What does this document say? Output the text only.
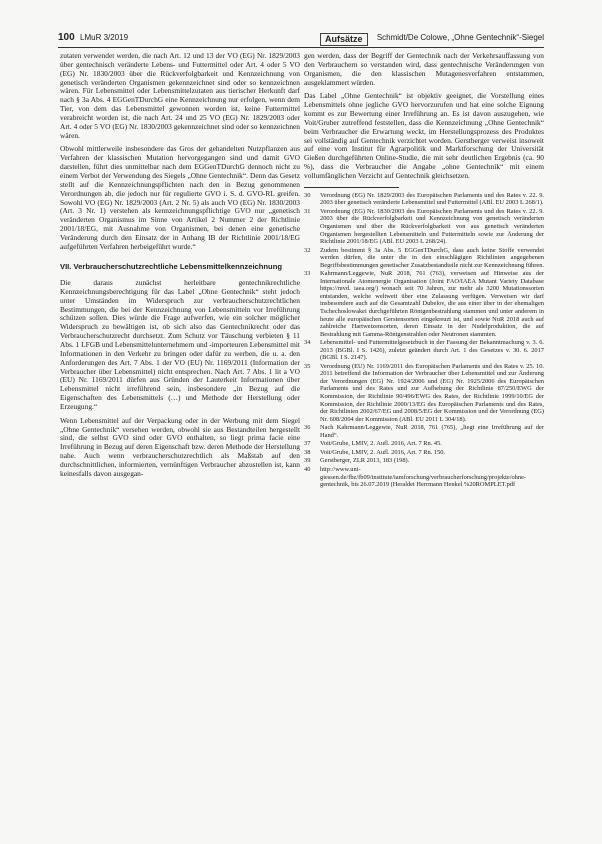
100 LMuR 3/2019	Aufsätze	Schmidt/De Colowe, „Ohne Gentechnik“-Siegel

zutaten verwendet werden, die nach Art. 12 und 13 der VO (EG) Nr. 1829/2003 über gentechnisch veränderte Lebens- und Futtermittel oder Art. 4 oder 5 VO (EG) Nr. 1830/2003 über die Rückverfolgbarkeit und Kennzeichnung von genetisch veränderten Organismen gekennzeichnet sind oder so kennzeichnen wären. Für Lebensmittel oder Lebensmittelzutaten aus tierischer Herkunft darf nach § 3a Abs. 4 EGGenTDurchG eine Kennzeichnung nur erfolgen, wenn dem Tier, von dem das Lebensmittel gewonnen worden ist, keine Futtermittel verabreicht worden ist, die nach Art. 24 und 25 VO (EG) Nr. 1829/2003 oder Art. 4 oder 5 VO (EG) Nr. 1830/2003 gekennzeichnet sind oder so kennzeichnen wären.

Obwohl mittlerweile insbesondere das Gros der gehandelten Nutzpflanzen aus Verfahren der klassischen Mutation hervorgegangen sind und damit GVO darstellen, führt dies unmittelbar nach dem EGGenTDurchG dennoch nicht zu einem Verbot der Verwendung des Siegels „Ohne Gentechnik“. Denn das Gesetz stellt auf die Kennzeichnungspflichten nach den in Bezug genommenen Verordnungen ab, die jedoch nur für regulierte GVO i. S. d. GVO-RL greifen. Sowohl VO (EG) Nr. 1829/2003 (Art. 2 Nr. 5) als auch VO (EG) Nr. 1830/2003 (Art. 3 Nr. 1) verstehen als kennzeichnungspflichtige GVO nur „genetisch veränderten Organismus im Sinne von Artikel 2 Nummer 2 der Richtlinie 2001/18/EG, mit Ausnahme von Organismen, bei denen eine genetische Veränderung durch den Einsatz der in Anhang IB der Richtlinie 2001/18/EG aufgeführten Verfahren herbeigeführt wurde.“

VII. Verbraucherschutzrechtliche Lebensmittelkennzeichnung

Die daraus zunächst herleitbare gentechnikrechtliche Kennzeichnungsberechtigung für das Label „Ohne Gentechnik“ steht jedoch unter Umständen im Widerspruch zur verbraucherschutzrechtlichen Bestimmungen, die bei der Kennzeichnung von Lebensmitteln vor Irreführung schützen sollen. Dies würde die Frage aufwerfen, wie ein solcher möglicher Widerspruch zu bewältigen ist, ob sich also das Gentechnikrecht oder das Verbraucherschutzrecht durchsetzt. Zum Schutz vor Täuschung verbieten § 11 Abs. 1 LFGB und Lebensmittelunternehmern und -importeuren Lebensmittel mit Informationen in den Verkehr zu bringen oder dafür zu werben, die u. a. den Anforderungen des Art. 7 Abs. 1 der VO (EU) Nr. 1169/2011 (Information der Verbraucher über Lebensmittel) nicht entsprechen. Nach Art. 7 Abs. 1 lit a VO (EU) Nr. 1169/2011 dürfen aus Gründen der Lauterkeit Informationen über Lebensmittel nicht irreführend sein, insbesondere „in Bezug auf die Eigenschaften des Lebensmittels (…) und Methode der Herstellung oder Erzeugung.“

Wenn Lebensmittel auf der Verpackung oder in der Werbung mit dem Siegel „Ohne Gentechnik“ versehen werden, obwohl sie aus Bestandteilen hergestellt sind, die selbst GVO sind oder GVO enthalten, so liegt prima facie eine Irreführung in Bezug auf deren Eigenschaft bzw. deren Methode der Herstellung nahe. Auch wenn verbraucherschutzrechtlich als Maßstab auf den durchschnittlichen, informierten, vernünftigen Verbraucher abzustellen ist, kann keinesfalls davon ausgegan-

gen werden, dass der Begriff der Gentechnik nach der Verkehrsauffassung von den Verbrauchern so verstanden wird, dass gentechnische Veränderungen von Organismen, die den klassischen Mutagenesverfahren entstammen, ausgeklammert würden.

Das Label „Ohne Gentechnik“ ist objektiv geeignet, die Vorstellung eines Lebensmittels ohne jegliche GVO hervorzurufen und hat eine solche Eignung kommt es zur Bewertung einer Irreführung an. Es ist davon auszugehen, wie Voit/Gruber zutreffend feststellen, dass die Kennzeichnung „Ohne Gentechnik“ beim Verbraucher die Erwartung weckt, im Herstellungsprozess des Produktes sei vollständig auf Gentechnik verzichtet worden. Gerstberger verweist insoweit auf eine vom Institut für Agrarpolitik und Marktforschung der Universität Gießen durchgeführten Online-Studie, die mit sehr deutlichen Ergebnis (ca. 90 %), dass die Verbraucher die Angabe „ohne Gentechnik“ mit einem vollumfänglichen Verzicht auf Gentechnik gleichsetzen.

30	Verordnung (EG) Nr. 1829/2003 des Europäischen Parlaments und des Rates v. 22. 9. 2003 über genetisch veränderte Lebensmittel und Futtermittel (ABl. EU 2003 L 268/1).
31	Verordnung (EG) Nr. 1830/2003 des Europäischen Parlaments und des Rates v. 22. 9. 2003 über die Rückverfolgbarkeit und Kennzeichnung von genetisch veränderten Organismen und über die Rückverfolgbarkeit von aus genetisch veränderten Organismen hergestellten Lebensmitteln und Futtermitteln sowie zur Änderung der Richtlinie 2001/18/EG (ABl. EU 2003 L 268/24).
32	Zudem bestimmt § 3a Abs. 5 EGGenTDurchG, dass auch keine Stoffe verwendet werden dürfen, die unter die in den einschlägigen Richtlinien angegebenen Begriffsbestimmungen genetischer Zusatzbestandteile nicht zur Kennzeichnung führen.
33	Kahrmann/Leggewie, NuR 2018, 761 (763), verweisen auf Hinweise aus der Internationale Atomenergie Organisation (Joint FAO/IAEA Mutant Variety Database https://mvd. iaea.org/) wonach seit 70 Jahren, zur mehr als 3200 Mutationssorten entstanden, welche weltweit über eine Zulassung verfügen. Verweisen wir darf insbesondere auch auf die Gesamtzahl Dubelov, die aus einer über in der ehemaligen Tschechoslowakei durchgeführten Röntgenbestrahlung stammen und unter anderem in heute alle europäischen Gerstensorten eingekreuzt ist, und sowie NuR 2018 auch auf zahlreiche Hartweizensorten, deren Einsatz in der Nudelproduktion, die auf Bestrahlung mit Gamma-Röntgenstrahlen oder Neutronen stammten.
34	Lebensmittel- und Futtermittelgesetzbuch in der Fassung der Bekanntmachung v. 3. 6. 2013 (BGBl. I S. 1426), zuletzt geändert durch Art. 1 des Gesetzes v. 30. 6. 2017 (BGBl. I S. 2147).
35	Verordnung (EU) Nr. 1169/2011 des Europäischen Parlaments und des Rates v. 25. 10. 2011 betreffend die Information der Verbraucher über Lebensmittel und zur Änderung der Verordnungen (EG) Nr. 1924/2006 und (EG) Nr. 1925/2006 des Europäischen Parlaments und des Rates und zur Aufhebung der Richtlinie 87/250/EWG der Kommission, der Richtlinie 90/496/EWG des Rates, der Richtlinie 1999/10/EG der Kommission, der Richtlinie 2000/13/EG des Europäischen Parlaments und des Rates, der Richtlinien 2002/67/EG und 2008/5/EG der Kommission und der Verordnung (EG) Nr. 608/2004 der Kommission (ABl. EU 2011 L 304/18).
36	Nach Kahrmann/Leggewie, NuR 2018, 761 (765), „liegt eine Irreführung auf der Hand“.
37	Voit/Grube, LMIV, 2. Aufl. 2016, Art. 7 Rn. 45.
38	Voit/Grube, LMIV, 2. Aufl. 2016, Art. 7 Rn. 150.
39	Gerstberger, ZLR 2013, 183 (198).
40	http://www.uni-giessen.de/fbz/fb09/institute/iamforschung/verbraucherforschung/projekte/ohne-gentechnik, bis 26.07.2019 (Heraldet Herrmann Henkel %20ROMPLET.pdf
